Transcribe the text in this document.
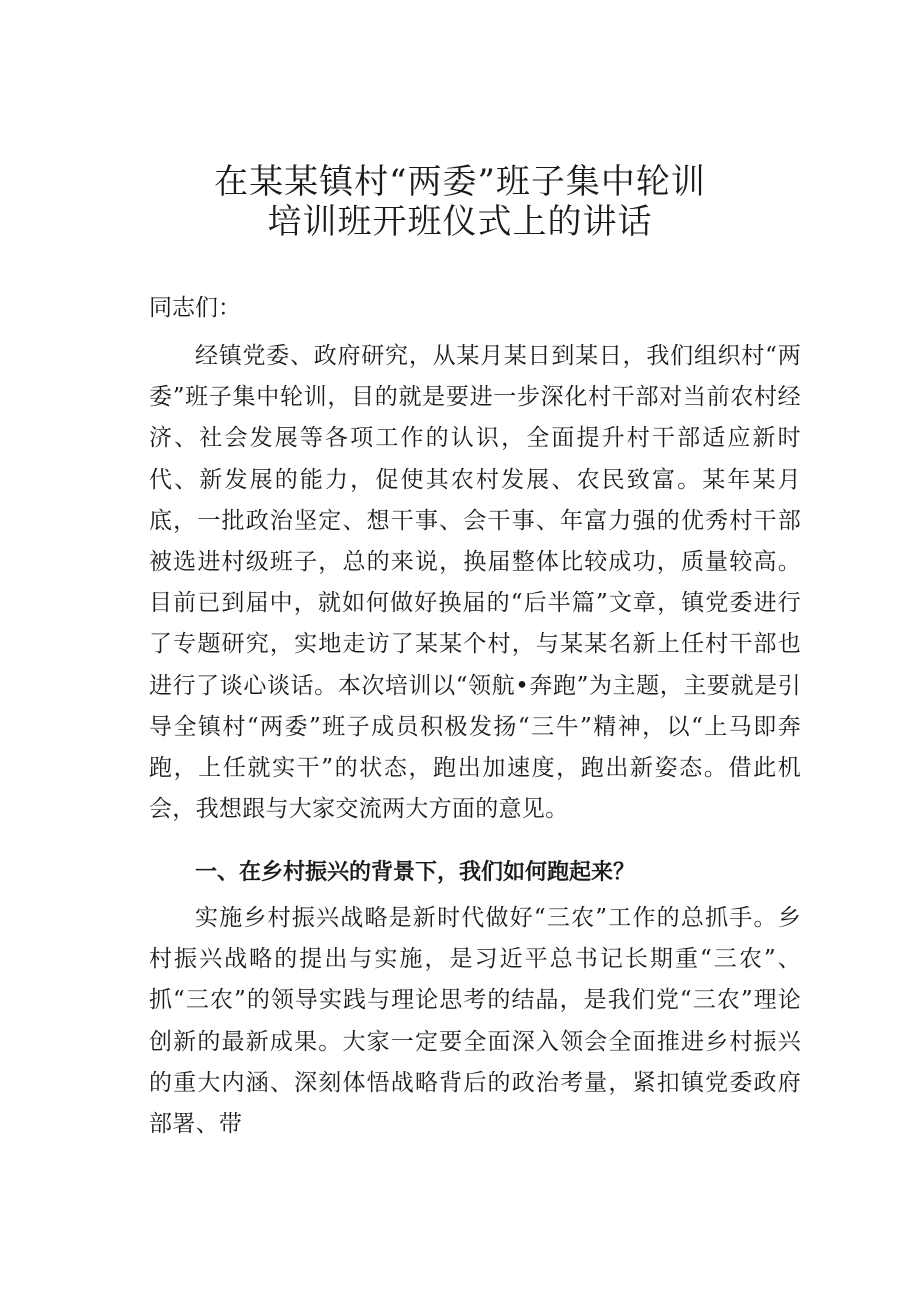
在某某镇村“两委”班子集中轮训
培训班开班仪式上的讲话

同志们：

经镇党委、政府研究，从某月某日到某日，我们组织村“两委”班子集中轮训，目的就是要进一步深化村干部对当前农村经济、社会发展等各项工作的认识，全面提升村干部适应新时代、新发展的能力，促使其农村发展、农民致富。某年某月底，一批政治坚定、想干事、会干事、年富力强的优秀村干部被选进村级班子，总的来说，换届整体比较成功，质量较高。目前已到届中，就如何做好换届的“后半篇”文章，镇党委进行了专题研究，实地走访了某某个村，与某某名新上任村干部也进行了谈心谈话。本次培训以“领航•奔跑”为主题，主要就是引导全镇村“两委”班子成员积极发扬“三牛”精神，以“上马即奔跑，上任就实干”的状态，跑出加速度，跑出新姿态。借此机会，我想跟与大家交流两大方面的意见。

一、在乡村振兴的背景下，我们如何跑起来？

实施乡村振兴战略是新时代做好“三农”工作的总抓手。乡村振兴战略的提出与实施，是习近平总书记长期重“三农”、抓“三农”的领导实践与理论思考的结晶，是我们党“三农”理论创新的最新成果。大家一定要全面深入领会全面推进乡村振兴的重大内涵、深刻体悟战略背后的政治考量，紧扣镇党委政府部署、带
